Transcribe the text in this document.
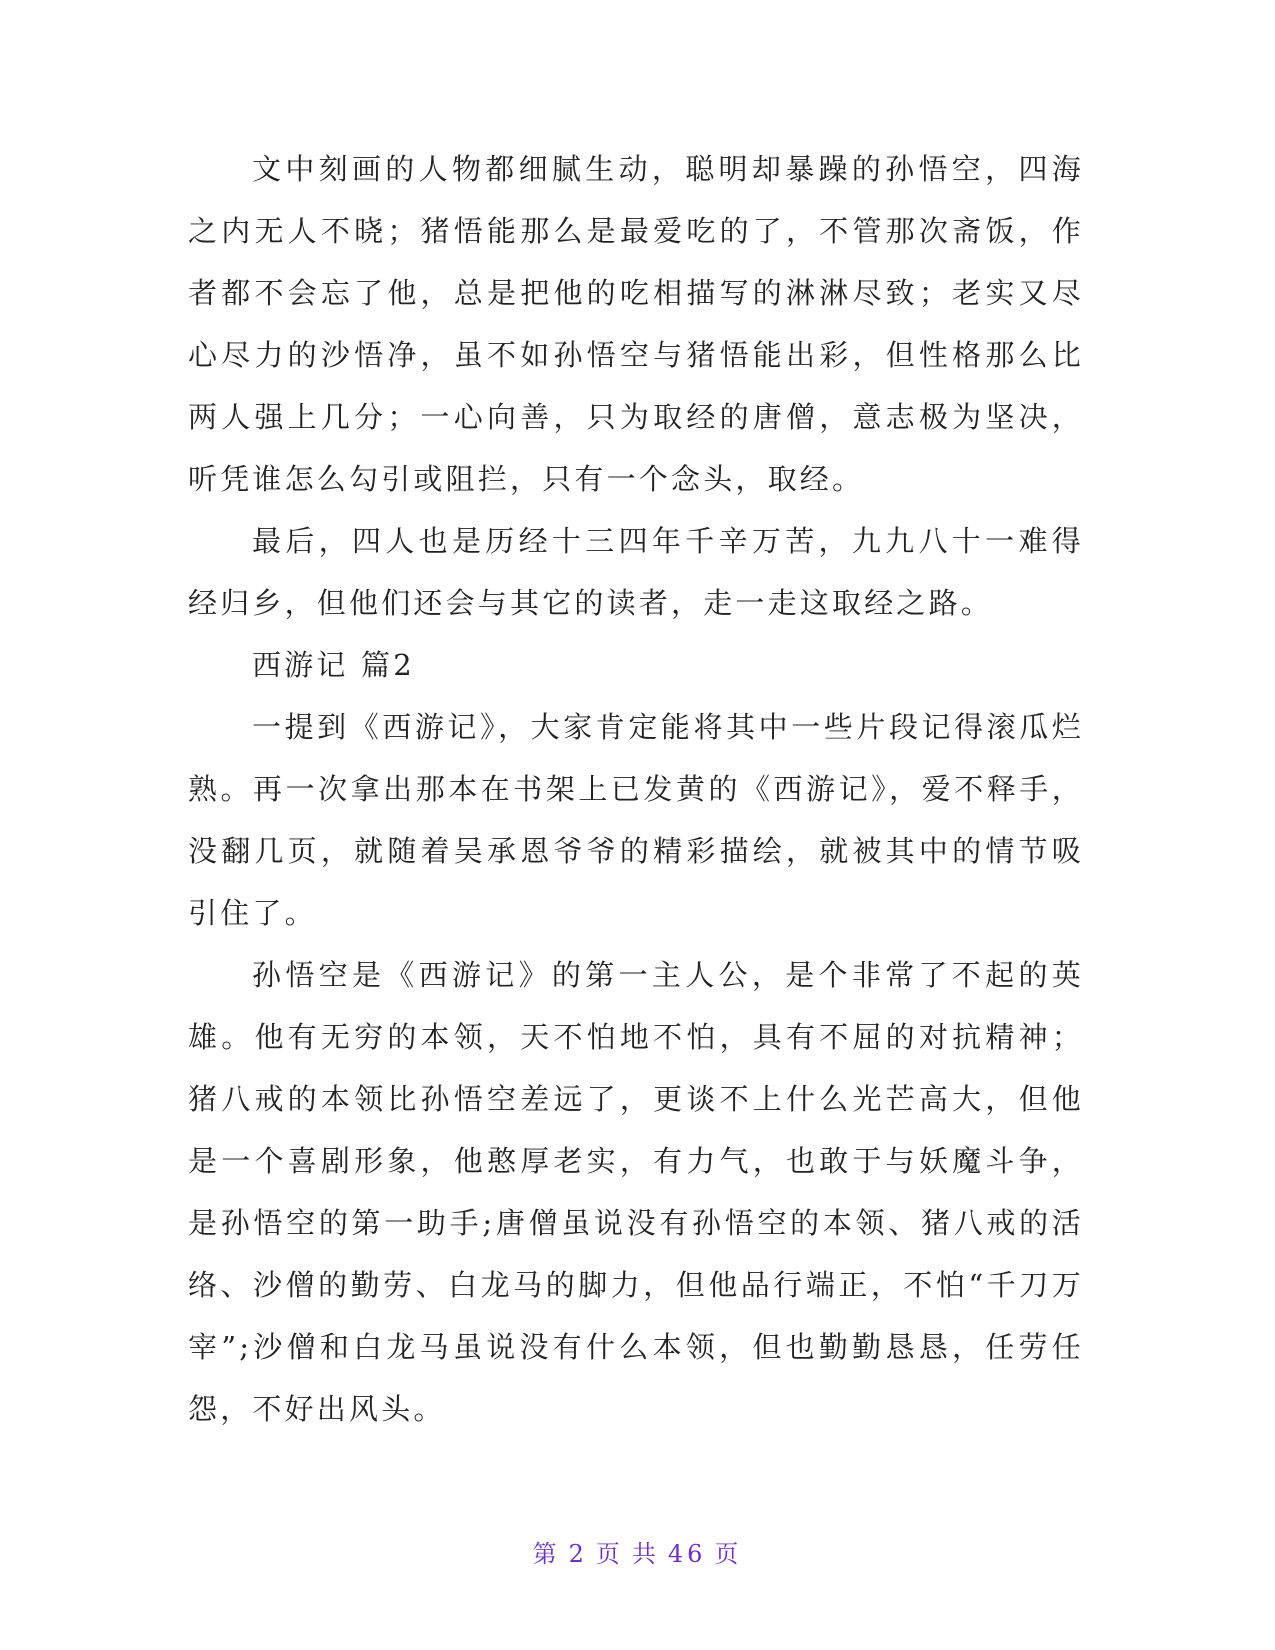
文中刻画的人物都细腻生动，聪明却暴躁的孙悟空，四海之内无人不晓；猪悟能那么是最爱吃的了，不管那次斋饭，作者都不会忘了他，总是把他的吃相描写的淋淋尽致；老实又尽心尽力的沙悟净，虽不如孙悟空与猪悟能出彩，但性格那么比两人强上几分；一心向善，只为取经的唐僧，意志极为坚决，听凭谁怎么勾引或阻拦，只有一个念头，取经。

最后，四人也是历经十三四年千辛万苦，九九八十一难得经归乡，但他们还会与其它的读者，走一走这取经之路。

西游记 篇2

一提到《西游记》，大家肯定能将其中一些片段记得滚瓜烂熟。再一次拿出那本在书架上已发黄的《西游记》，爱不释手，没翻几页，就随着吴承恩爷爷的精彩描绘，就被其中的情节吸引住了。

孙悟空是《西游记》的第一主人公，是个非常了不起的英雄。他有无穷的本领，天不怕地不怕，具有不屈的对抗精神；猪八戒的本领比孙悟空差远了，更谈不上什么光芒高大，但他是一个喜剧形象，他憨厚老实，有力气，也敢于与妖魔斗争，是孙悟空的第一助手;唐僧虽说没有孙悟空的本领、猪八戒的活络、沙僧的勤劳、白龙马的脚力，但他品行端正，不怕“千刀万宰”;沙僧和白龙马虽说没有什么本领，但也勤勤恳恳，任劳任怨，不好出风头。

第 2 页 共 46 页
